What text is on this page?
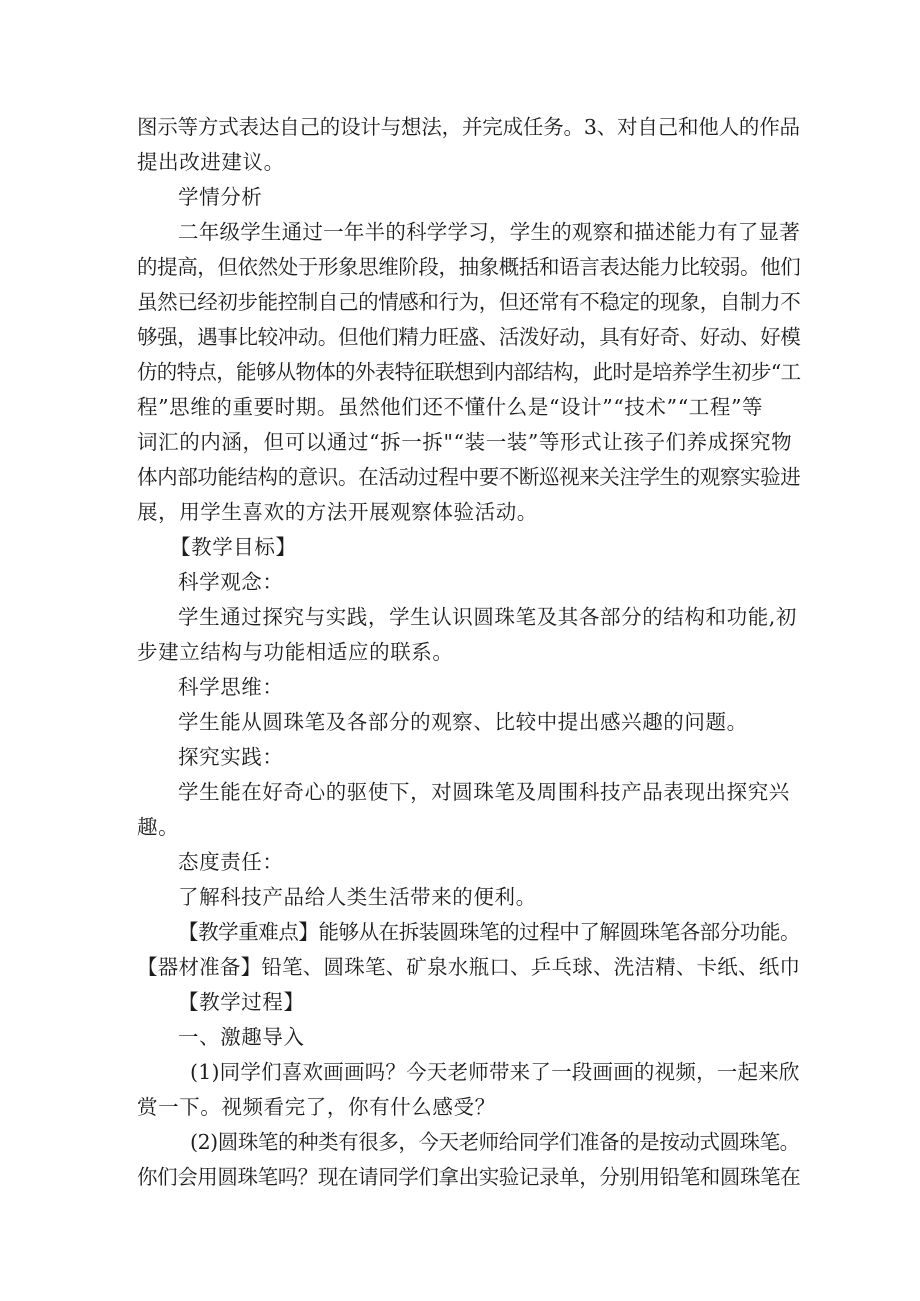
图示等方式表达自己的设计与想法，并完成任务。3、对自己和他人的作品
提出改进建议。
学情分析
二年级学生通过一年半的科学学习，学生的观察和描述能力有了显著
的提高，但依然处于形象思维阶段，抽象概括和语言表达能力比较弱。他们
虽然已经初步能控制自己的情感和行为，但还常有不稳定的现象，自制力不
够强，遇事比较冲动。但他们精力旺盛、活泼好动，具有好奇、好动、好模
仿的特点，能够从物体的外表特征联想到内部结构，此时是培养学生初步“工
程”思维的重要时期。虽然他们还不懂什么是“设计”“技术”“工程”等
词汇的内涵，但可以通过“拆一拆"“装一装”等形式让孩子们养成探究物
体内部功能结构的意识。在活动过程中要不断巡视来关注学生的观察实验进
展，用学生喜欢的方法开展观察体验活动。
【教学目标】
科学观念：
学生通过探究与实践，学生认识圆珠笔及其各部分的结构和功能,初
步建立结构与功能相适应的联系。
科学思维：
学生能从圆珠笔及各部分的观察、比较中提出感兴趣的问题。
探究实践：
学生能在好奇心的驱使下，对圆珠笔及周围科技产品表现出探究兴
趣。
态度责任：
了解科技产品给人类生活带来的便利。
【教学重难点】能够从在拆装圆珠笔的过程中了解圆珠笔各部分功能。
【器材准备】铅笔、圆珠笔、矿泉水瓶口、乒乓球、洗洁精、卡纸、纸巾
【教学过程】
一、激趣导入
(1)同学们喜欢画画吗？今天老师带来了一段画画的视频，一起来欣
赏一下。视频看完了，你有什么感受？
(2)圆珠笔的种类有很多，今天老师给同学们准备的是按动式圆珠笔。
你们会用圆珠笔吗？现在请同学们拿出实验记录单，分别用铅笔和圆珠笔在
